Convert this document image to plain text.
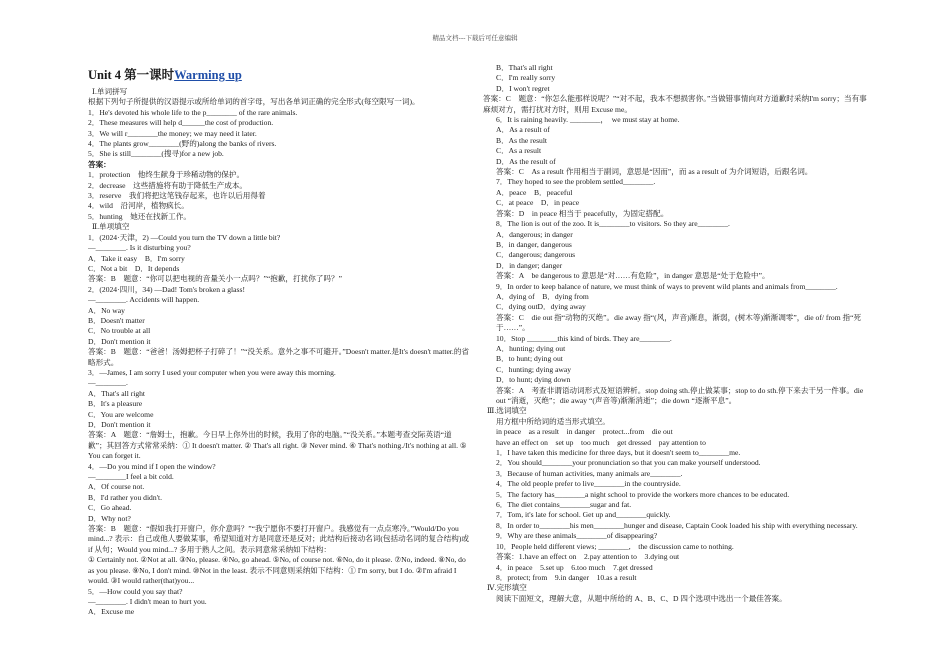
精品文档---下载后可任意编辑
Unit 4 第一课时Warming up
Ⅰ.单词拼写
根据下列句子所提供的汉语提示或所给单词的首字母，写出各单词正确的完全形式(每空限写一词)。
1．He's devoted his whole life to the p________ of the rare animals.
2．These measures will help d______the cost of production.
3．We will r________the money; we may need it later.
4．The plants grow________(野的)along the banks of rivers.
5．She is still________(搜寻)for a new job.
答案：
1．protection　他终生献身于珍稀动物的保护。
2．decrease　这些措施将有助于降低生产成本。
3．reserve　我们将把这笔钱存起来，也许以后用得着
4．wild　沿河岸，植物疯长。
5．hunting　她还在找新工作。
Ⅱ.单项填空
1．(2024·天津，2) —Could you turn the TV down a little bit?
—________. Is it disturbing you?
A．Take it easy　B．I'm sorry
C．Not a bit　D．It depends
答案：B　题意：“你可以把电视的音量关小一点吗？”“抱歉，打扰你了吗？”
2．(2024·四川，34) —Dad! Tom's broken a glass!
—________. Accidents will happen.
A．No way
B．Doesn't matter
C．No trouble at all
D．Don't mention it
答案：B　题意：“爸爸！汤姆把杯子打碎了！”“没关系。意外之事不可避开。”Doesn't matter.是It's doesn't matter.的省略形式。
3．—James, I am sorry I used your computer when you were away this morning.
—________.
A．That's all right
B．It's a pleasure
C．You are welcome
D．Don't mention it
答案：A　题意：“詹姆士，抱歉。今日早上你外出的时候，我用了你的电脑。”“没关系。”本题考查交际英语“道歉”；其回答方式常常采纳：① It doesn't matter. ② That's all right. ③ Never mind. ④ That's nothing./It's nothing at all. ⑤ You can forget it.
4．—Do you mind if I open the window?
—________I feel a bit cold.
A．Of course not.
B．I'd rather you didn't.
C．Go ahead.
D．Why not?
答案：B　题意：“假如我打开窗户，你介意吗？”“我宁愿你不要打开窗户。我感觉有一点点寒冷。”Would/Do you mind...? 表示：自己或他人要做某事，希望知道对方是同意还是反对；此结构后接动名词(包括动名词的复合结构)或if 从句；Would you mind...? 多用于熟人之间。表示同意常采纳如下结构：
① Certainly not. ②Not at all. ③No, please. ④No, go ahead. ⑤No, of course not. ⑥No, do it please. ⑦No, indeed. ⑧No, do as you please. ⑨No, I don't mind. ⑩Not in the least. 表示不同意则采纳如下结构：① I'm sorry, but I do. ②I'm afraid I would. ③I would rather(that)you...
5．—How could you say that?
—________. I didn't mean to hurt you.
A．Excuse me
B．That's all right
C．I'm really sorry
D．I won't regret
答案：C　题意：“你怎么能那样说呢？”“对不起，我本不想损害你。”当做错事情向对方道歉时采纳I'm sorry；当有事麻烦对方，需打扰对方时，则用 Excuse me。
6．It is raining heavily. ________，　we must stay at home.
A．As a result of
B．As the result
C．As a result
D．As the result of
答案：C　As a result 作用相当于副词，意思是“因而”，而 as a result of 为介词短语，后跟名词。
7．They hoped to see the problem settled________.
A．peace　B．peaceful
C．at peace　D．in peace
答案：D　in peace 相当于 peacefully，为固定搭配。
8．The lion is out of the zoo. It is________to visitors. So they are________.
A．dangerous; in danger
B．in danger, dangerous
C．dangerous; dangerous
D．in danger; danger
答案：A　be dangerous to 意思是“对……有危险”，in danger 意思是“处于危险中”。
9．In order to keep balance of nature, we must think of ways to prevent wild plants and animals from________.
A．dying of　B．dying from
C．dying outD．dying away
答案：C　die out 指“动物的灭绝”。die away 指“(风，声音)渐息，渐弱，(树木等)渐渐凋零”，die of/ from 指“死于……”。
10．Stop ________this kind of birds. They are________.
A．hunting; dying out
B．to hunt; dying out
C．hunting; dying away
D．to hunt; dying down
答案：A　考查非谓语动词形式及短语辨析。stop doing sth.停止做某事；stop to do sth.停下来去干另一件事。die out “消逝，灭绝”；die away “(声音等)渐渐消逝”；die down “逐渐平息”。
Ⅲ.选词填空
用方框中所给词的适当形式填空。
in peace　as a result　in danger　protect...from　die out
have an effect on　set up　too much　get dressed　pay attention to
1．I have taken this medicine for three days, but it doesn't seem to________me.
2．You should________your pronunciation so that you can make yourself understood.
3．Because of human activities, many animals are________.
4．The old people prefer to live________in the countryside.
5．The factory has________a night school to provide the workers more chances to be educated.
6．The diet contains________sugar and fat.
7．Tom, it's late for school. Get up and________quickly.
8．In order to________his men________hunger and disease, Captain Cook loaded his ship with everything necessary.
9．Why are these animals________of disappearing?
10．People held different views; ________,　the discussion came to nothing.
答案：1.have an effect on　2.pay attention to　3.dying out
4．in peace　5.set up　6.too much　7.get dressed
8．protect; from　9.in danger　10.as a result
Ⅳ.完形填空
阅读下面短文，理解大意，从题中所给的 A、B、C、D 四个选项中选出一个最佳答案。
